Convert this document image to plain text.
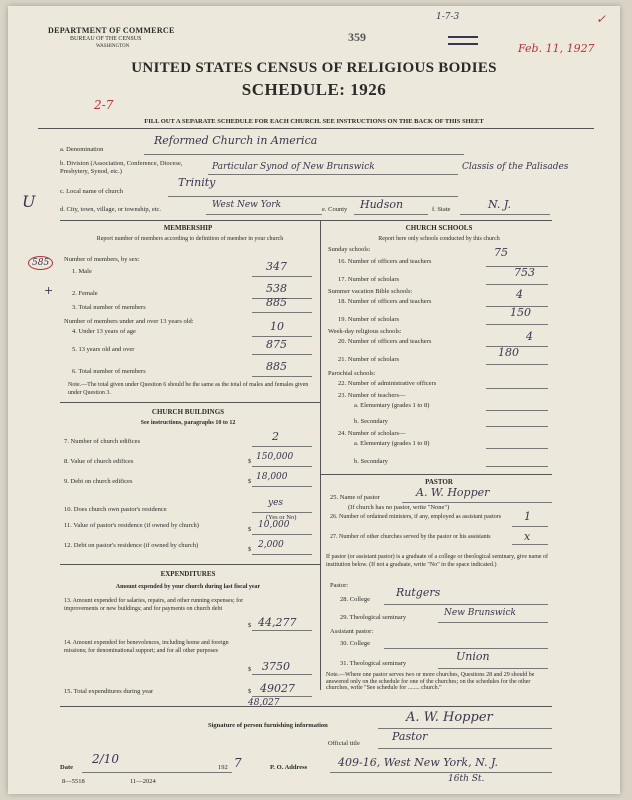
DEPARTMENT OF COMMERCE
BUREAU OF THE CENSUS
WASHINGTON
359
1-7-3
Feb. 11, 1927
✓
UNITED STATES CENSUS OF RELIGIOUS BODIES
SCHEDULE: 1926
2-7
FILL OUT A SEPARATE SCHEDULE FOR EACH CHURCH. SEE INSTRUCTIONS ON THE BACK OF THIS SHEET
a. Denomination
Reformed Church in America
b. Division (Association, Conference, Diocese, Presbytery, Synod, etc.)	Particular Synod of New Brunswick	Classis of the Palisades
c. Local name of church
Trinity
U	d. City, town, village, or township, etc.	West New York	e. County Hudson	f. State	N. J.
MEMBERSHIP
Report number of members according to definition of member in your church
Number of members, by sex:
585
1. Male	347
+	2. Female	538
3. Total number of members	885
Number of members under and over 13 years old:
4. Under 13 years of age	10
5. 13 years old and over	875
6. Total number of members	885
Note.—The total given under Question 6 should be the same as the total of males and females given under Question 3.
CHURCH BUILDINGS
See instructions, paragraphs 10 to 12
7. Number of church edifices	2
8. Value of church edifices	$ 150,000
9. Debt on church edifices	$ 18,000
10. Does church own pastor's residence
yes
(Yes or No)
11. Value of pastor's residence (if owned by church)
$ 10,000
12. Debt on pastor's residence (if owned by church)
$ 2,000
EXPENDITURES
Amount expended by your church during last fiscal year
13. Amount expended for salaries, repairs, and other running expenses; for improvements or new buildings; and for payments on church debt
$ 44,277
14. Amount expended for benevolences, including home and foreign missions; for denominational support; and for all other purposes
$ 3750
15. Total expenditures during year	$ 49027
48,027
CHURCH SCHOOLS
Report here only schools conducted by this church
Sunday schools:
16. Number of officers and teachers
75
17. Number of scholars
753
Summer vacation Bible schools:
18. Number of officers and teachers
4
19. Number of scholars
150
Week-day religious schools:
20. Number of officers and teachers	4
21. Number of scholars
180
Parochial schools:
22. Number of administrative officers
23. Number of teachers—
a. Elementary (grades 1 to 8)
b. Secondary
24. Number of scholars—
a. Elementary (grades 1 to 8)
b. Secondary
PASTOR
25. Name of pastor	A. W. Hopper
(If church has no pastor, write "None")
26. Number of ordained ministers, if any, employed as assistant pastors	1
27. Number of other churches served by the pastor or his assistants	x
If pastor (or assistant pastor) is a graduate of a college or theological seminary, give name of institution below. (If not a graduate, write "No" in the space indicated.)
Pastor:
28. College
Rutgers
29. Theological seminary	New Brunswick
Assistant pastor:
30. College
31. Theological seminary
Union
Note.—Where one pastor serves two or more churches, Questions 28 and 29 should be answered only on the schedule for one of the churches; on the schedules for the other churches, write "See schedule for ........ church."
Signature of person furnishing information
A. W. Hopper
Official title
Pastor
Date
2/10
192 7	P. O. Address	409-16, West New York, N. J.
16th St.
8—5518	11—2024
